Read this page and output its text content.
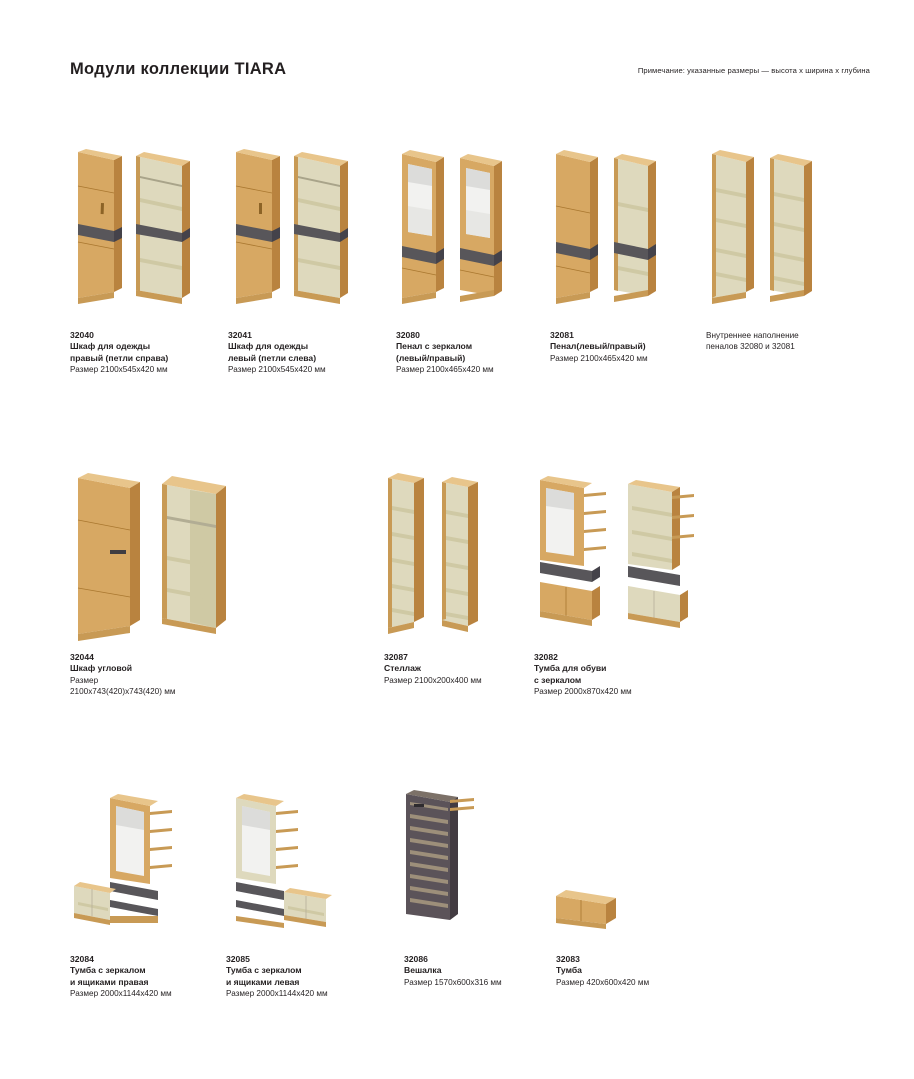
Модули коллекции TIARA	Примечание: указанные размеры — высота х ширина х глубина
32040
Шкаф для одежды
правый (петли справа)
Размер 2100х545х420 мм
32041
Шкаф для одежды
левый (петли слева)
Размер 2100х545х420 мм
32080
Пенал с зеркалом
(левый/правый)
Размер 2100х465х420 мм
32081
Пенал(левый/правый)
Размер 2100х465х420 мм
Внутреннее наполнение
пеналов 32080 и 32081
32044
Шкаф угловой
Размер
2100х743(420)х743(420) мм
32087
Стеллаж
Размер 2100х200х400 мм
32082
Тумба для обуви
с зеркалом
Размер 2000х870х420 мм
32084
Тумба с зеркалом
и ящиками правая
Размер 2000х1144х420 мм
32085
Тумба с зеркалом
и ящиками левая
Размер 2000х1144х420 мм
32086
Вешалка
Размер 1570х600х316 мм
32083
Тумба
Размер 420х600х420 мм
